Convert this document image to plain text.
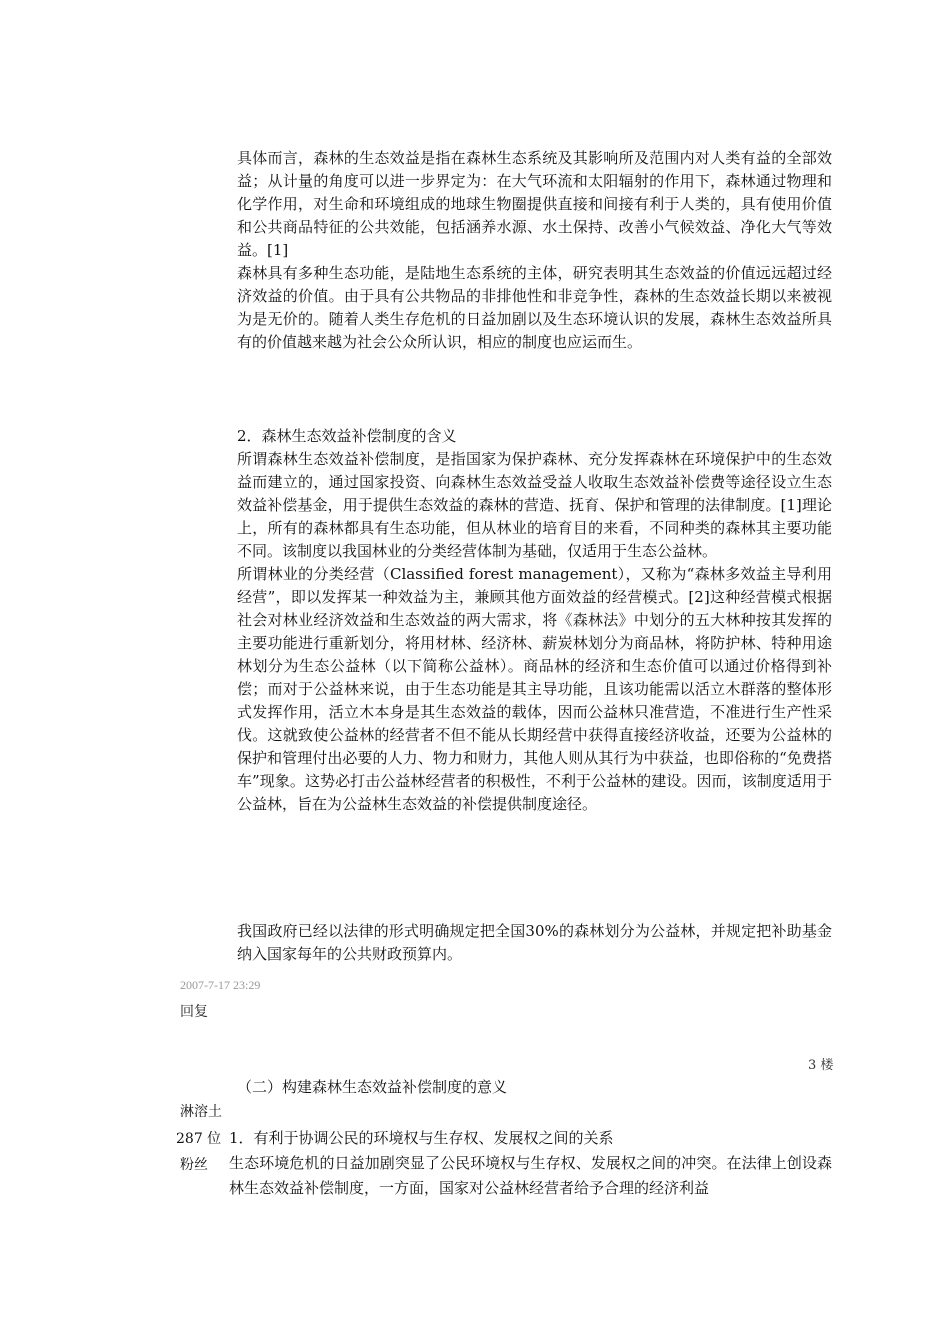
具体而言，森林的生态效益是指在森林生态系统及其影响所及范围内对人类有益的全部效益；从计量的角度可以进一步界定为：在大气环流和太阳辐射的作用下，森林通过物理和化学作用，对生命和环境组成的地球生物圈提供直接和间接有利于人类的，具有使用价值和公共商品特征的公共效能，包括涵养水源、水土保持、改善小气候效益、净化大气等效益。[1]

森林具有多种生态功能，是陆地生态系统的主体，研究表明其生态效益的价值远远超过经济效益的价值。由于具有公共物品的非排他性和非竞争性，森林的生态效益长期以来被视为是无价的。随着人类生存危机的日益加剧以及生态环境认识的发展，森林生态效益所具有的价值越来越为社会公众所认识，相应的制度也应运而生。

2．森林生态效益补偿制度的含义

所谓森林生态效益补偿制度，是指国家为保护森林、充分发挥森林在环境保护中的生态效益而建立的，通过国家投资、向森林生态效益受益人收取生态效益补偿费等途径设立生态效益补偿基金，用于提供生态效益的森林的营造、抚育、保护和管理的法律制度。[1]理论上，所有的森林都具有生态功能，但从林业的培育目的来看，不同种类的森林其主要功能不同。该制度以我国林业的分类经营体制为基础，仅适用于生态公益林。

所谓林业的分类经营（Classified forest management），又称为“森林多效益主导利用经营”，即以发挥某一种效益为主，兼顾其他方面效益的经营模式。[2]这种经营模式根据社会对林业经济效益和生态效益的两大需求，将《森林法》中划分的五大林种按其发挥的主要功能进行重新划分，将用材林、经济林、薪炭林划分为商品林，将防护林、特种用途林划分为生态公益林（以下简称公益林）。商品林的经济和生态价值可以通过价格得到补偿；而对于公益林来说，由于生态功能是其主导功能，且该功能需以活立木群落的整体形式发挥作用，活立木本身是其生态效益的载体，因而公益林只准营造，不准进行生产性采伐。这就致使公益林的经营者不但不能从长期经营中获得直接经济收益，还要为公益林的保护和管理付出必要的人力、物力和财力，其他人则从其行为中获益，也即俗称的“免费搭车”现象。这势必打击公益林经营者的积极性，不利于公益林的建设。因而，该制度适用于公益林，旨在为公益林生态效益的补偿提供制度途径。

我国政府已经以法律的形式明确规定把全国30%的森林划分为公益林，并规定把补助基金纳入国家每年的公共财政预算内。

2007-7-17 23:29
回复
3 楼
（二）构建森林生态效益补偿制度的意义
淋溶土
287 位
粉丝

1．有利于协调公民的环境权与生存权、发展权之间的关系

生态环境危机的日益加剧突显了公民环境权与生存权、发展权之间的冲突。在法律上创设森林生态效益补偿制度，一方面，国家对公益林经营者给予合理的经济利益
